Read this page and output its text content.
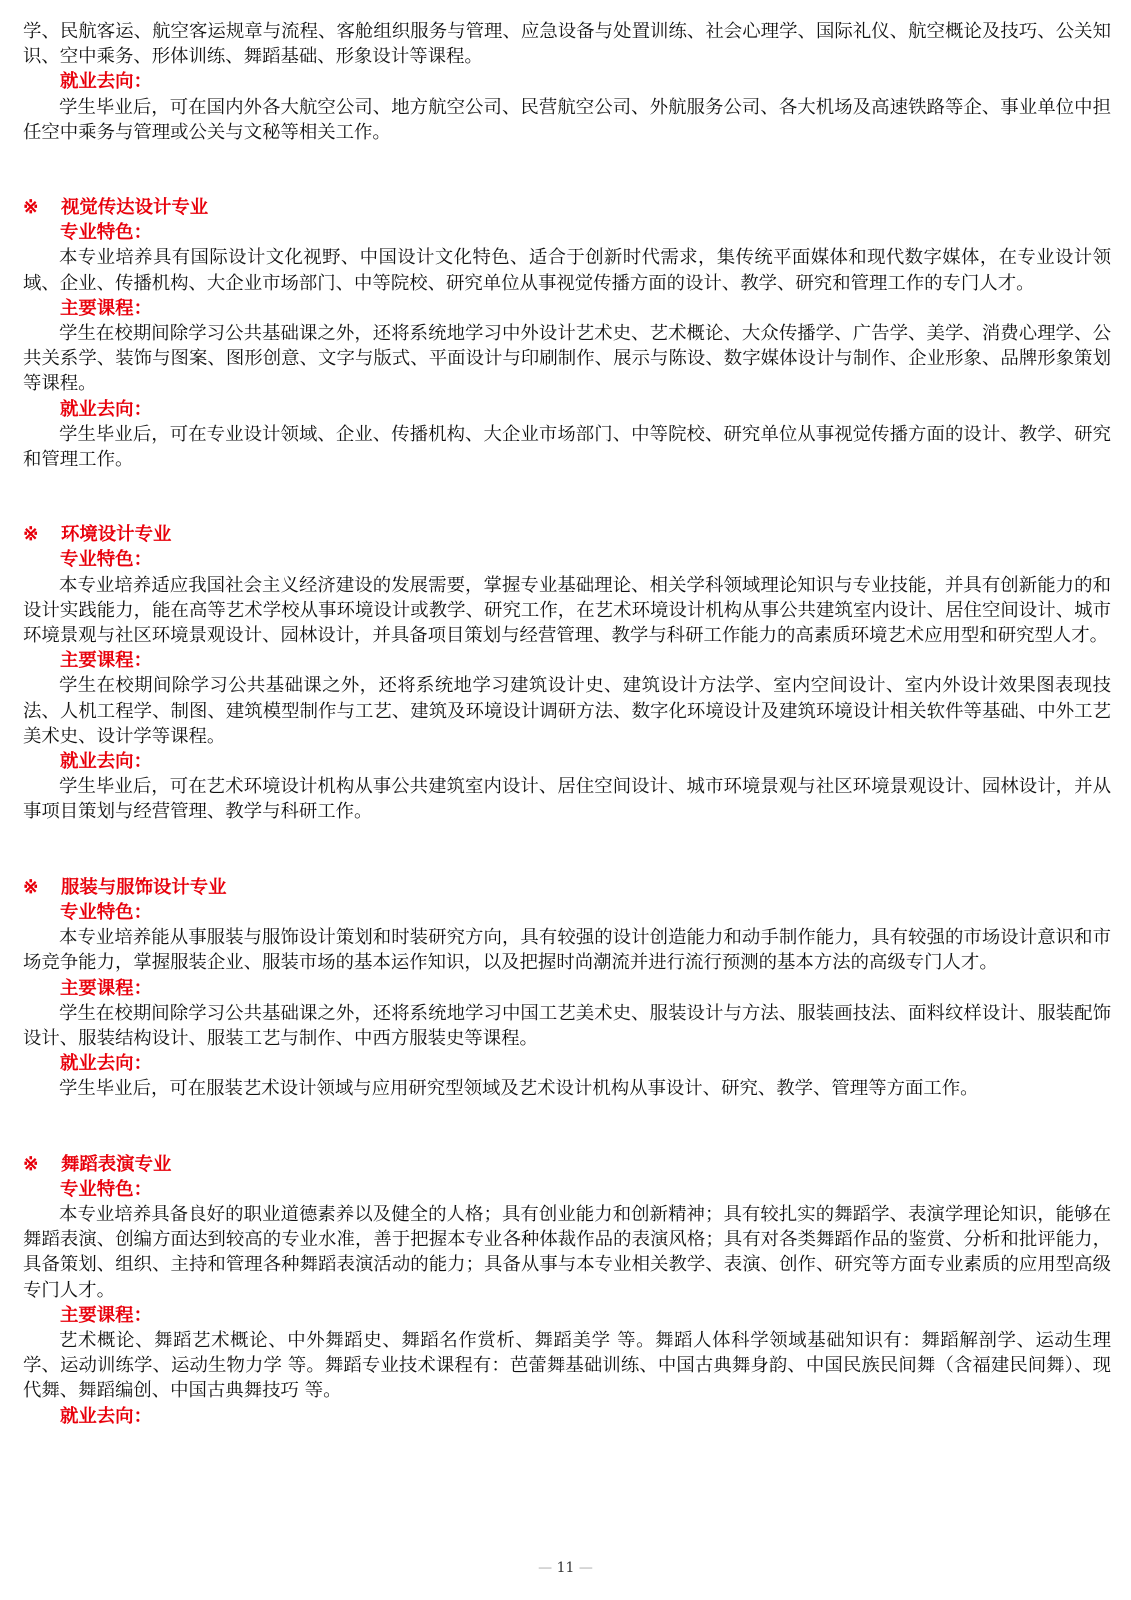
学、民航客运、航空客运规章与流程、客舱组织服务与管理、应急设备与处置训练、社会心理学、国际礼仪、航空概论及技巧、公关知识、空中乘务、形体训练、舞蹈基础、形象设计等课程。

就业去向：

学生毕业后，可在国内外各大航空公司、地方航空公司、民营航空公司、外航服务公司、各大机场及高速铁路等企、事业单位中担任空中乘务与管理或公关与文秘等相关工作。

※ 视觉传达设计专业

专业特色：

本专业培养具有国际设计文化视野、中国设计文化特色、适合于创新时代需求，集传统平面媒体和现代数字媒体，在专业设计领域、企业、传播机构、大企业市场部门、中等院校、研究单位从事视觉传播方面的设计、教学、研究和管理工作的专门人才。

主要课程：

学生在校期间除学习公共基础课之外，还将系统地学习中外设计艺术史、艺术概论、大众传播学、广告学、美学、消费心理学、公共关系学、装饰与图案、图形创意、文字与版式、平面设计与印刷制作、展示与陈设、数字媒体设计与制作、企业形象、品牌形象策划等课程。

就业去向：

学生毕业后，可在专业设计领域、企业、传播机构、大企业市场部门、中等院校、研究单位从事视觉传播方面的设计、教学、研究和管理工作。

※ 环境设计专业

专业特色：

本专业培养适应我国社会主义经济建设的发展需要，掌握专业基础理论、相关学科领域理论知识与专业技能，并具有创新能力的和设计实践能力，能在高等艺术学校从事环境设计或教学、研究工作，在艺术环境设计机构从事公共建筑室内设计、居住空间设计、城市环境景观与社区环境景观设计、园林设计，并具备项目策划与经营管理、教学与科研工作能力的高素质环境艺术应用型和研究型人才。

主要课程：

学生在校期间除学习公共基础课之外，还将系统地学习建筑设计史、建筑设计方法学、室内空间设计、室内外设计效果图表现技法、人机工程学、制图、建筑模型制作与工艺、建筑及环境设计调研方法、数字化环境设计及建筑环境设计相关软件等基础、中外工艺美术史、设计学等课程。

就业去向：

学生毕业后，可在艺术环境设计机构从事公共建筑室内设计、居住空间设计、城市环境景观与社区环境景观设计、园林设计，并从事项目策划与经营管理、教学与科研工作。

※ 服装与服饰设计专业

专业特色：

本专业培养能从事服装与服饰设计策划和时装研究方向，具有较强的设计创造能力和动手制作能力，具有较强的市场设计意识和市场竞争能力，掌握服装企业、服装市场的基本运作知识，以及把握时尚潮流并进行流行预测的基本方法的高级专门人才。

主要课程：

学生在校期间除学习公共基础课之外，还将系统地学习中国工艺美术史、服装设计与方法、服装画技法、面料纹样设计、服装配饰设计、服装结构设计、服装工艺与制作、中西方服装史等课程。

就业去向：

学生毕业后，可在服装艺术设计领域与应用研究型领域及艺术设计机构从事设计、研究、教学、管理等方面工作。

※ 舞蹈表演专业

专业特色：

本专业培养具备良好的职业道德素养以及健全的人格；具有创业能力和创新精神；具有较扎实的舞蹈学、表演学理论知识，能够在舞蹈表演、创编方面达到较高的专业水准，善于把握本专业各种体裁作品的表演风格；具有对各类舞蹈作品的鉴赏、分析和批评能力，具备策划、组织、主持和管理各种舞蹈表演活动的能力；具备从事与本专业相关教学、表演、创作、研究等方面专业素质的应用型高级专门人才。

主要课程：

艺术概论、舞蹈艺术概论、中外舞蹈史、舞蹈名作赏析、舞蹈美学 等。舞蹈人体科学领域基础知识有：舞蹈解剖学、运动生理学、运动训练学、运动生物力学 等。舞蹈专业技术课程有：芭蕾舞基础训练、中国古典舞身韵、中国民族民间舞（含福建民间舞）、现代舞、舞蹈编创、中国古典舞技巧 等。

就业去向：

— 11 —
